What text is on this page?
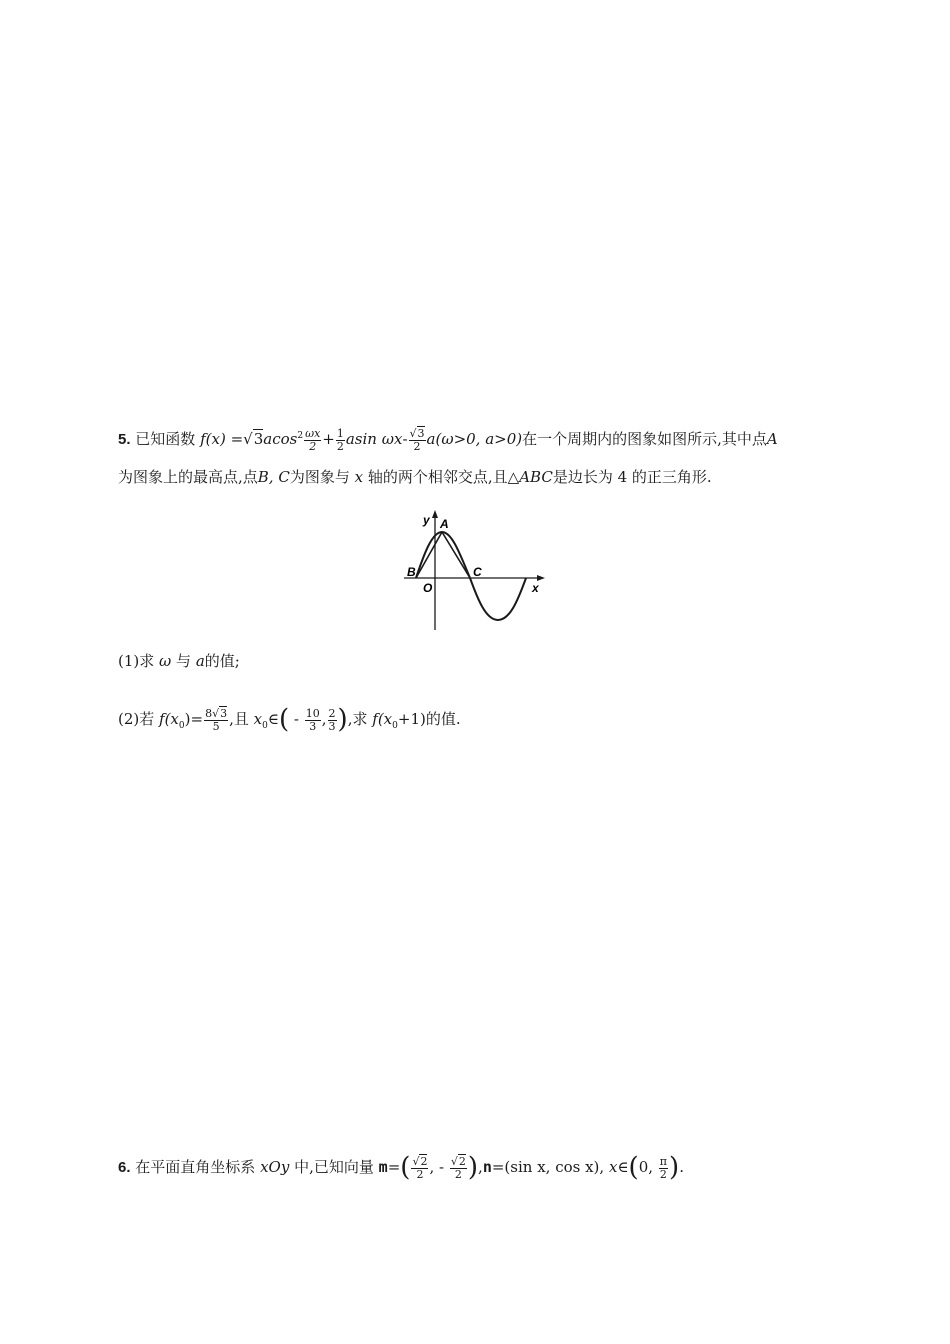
5. 已知函数 $f(x) =√3acos^2 \frac{\omega x}{2} + \frac{1}{2}$ asin $\omega x- \frac{√3}{2} a(\omega>0$, a>0)在一个周期内的图象如图所示,其中点A
为图象上的最高点,点B, C为图象与 x 轴的两个相邻交点,且△ABC是边长为 4 的正三角形.
y
x
A
B	C
O
(1)求 ω 与 a的值;
(2)若 $f(x_0)= \frac{8√3}{5}$ ,且 $x_0\in( - \frac{10}{3}$ , $\frac{2}{3}$ ),求 $f(x_0+1)$的值.
6. 在平面直角坐标系 xOy 中,已知向量 $m=( \frac{√2}{2}$ , - $\frac{√2}{2} ),n=(\sin$ x, cos x), x∈(0, $\frac{\pi}{2}$ ).
